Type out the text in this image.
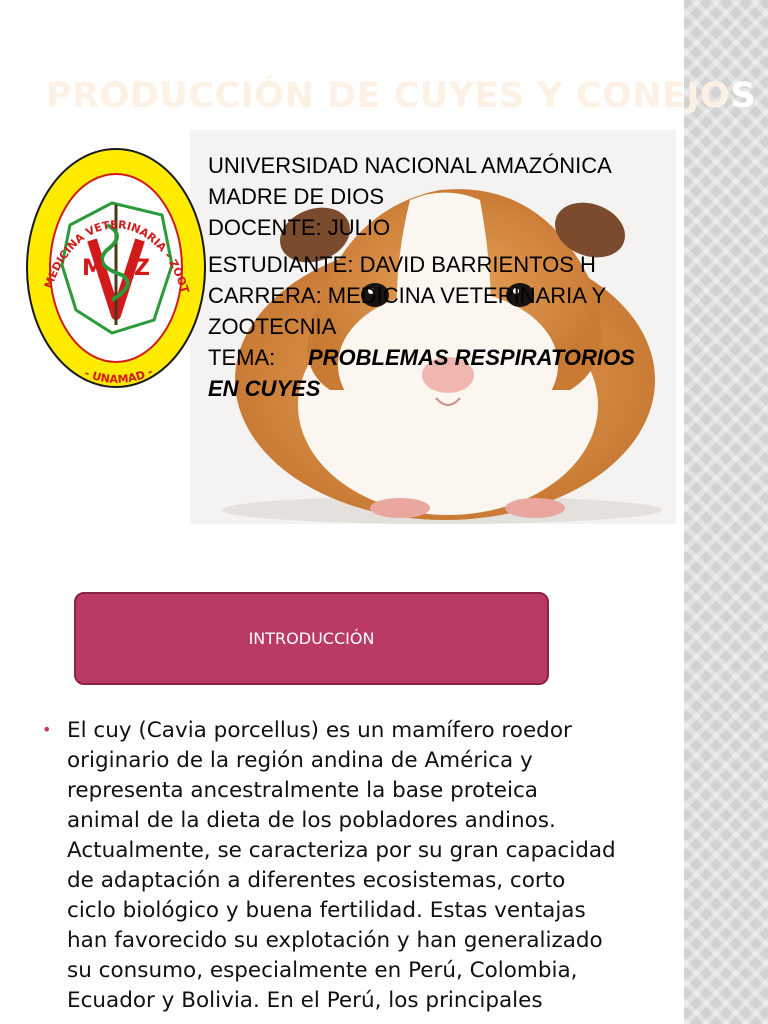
PRODUCCIÓN DE CUYES Y CONEJOS
M Z
MEDICINA VETERINARIA - ZOOT
- UNAMAD -
UNIVERSIDAD NACIONAL AMAZÓNICA
MADRE DE DIOS
DOCENTE: JULIO
ESTUDIANTE: DAVID BARRIENTOS H
CARRERA: MEDICINA VETERINARIA Y
ZOOTECNIA
TEMA: PROBLEMAS RESPIRATORIOS
EN CUYES
INTRODUCCIÓN
• El cuy (Cavia porcellus) es un mamífero roedor
originario de la región andina de América y
representa ancestralmente la base proteica
animal de la dieta de los pobladores andinos.
Actualmente, se caracteriza por su gran capacidad
de adaptación a diferentes ecosistemas, corto
ciclo biológico y buena fertilidad. Estas ventajas
han favorecido su explotación y han generalizado
su consumo, especialmente en Perú, Colombia,
Ecuador y Bolivia. En el Perú, los principales
